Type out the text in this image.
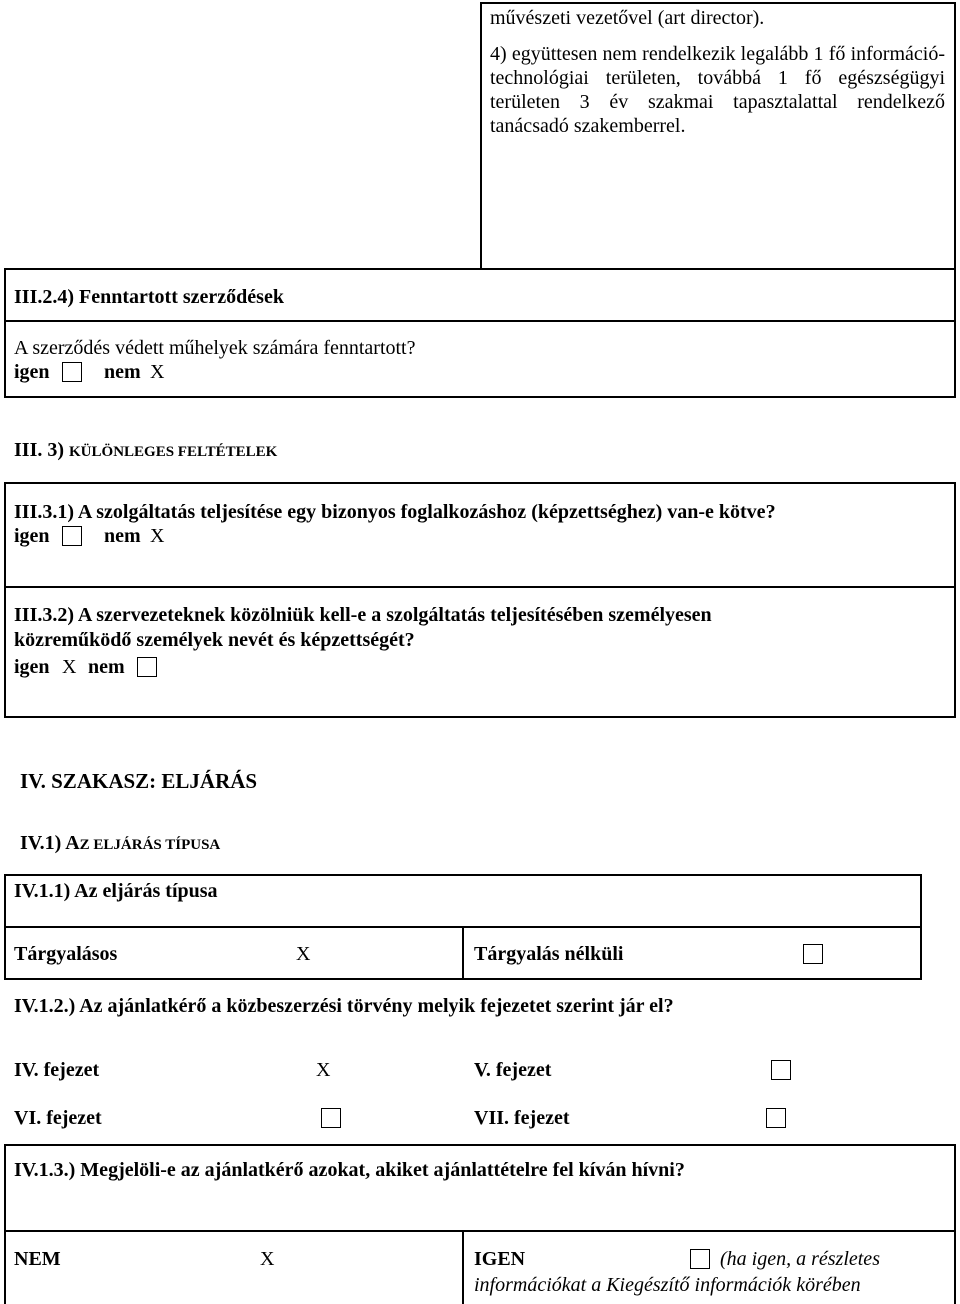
művészeti vezetővel (art director).
4) együttesen nem rendelkezik legalább 1 fő információ-technológiai területen, továbbá 1 fő egészségügyi területen 3 év szakmai tapasztalattal rendelkező tanácsadó szakemberrel.
III.2.4) Fenntartott szerződések
A szerződés védett műhelyek számára fenntartott?
igen	nem X
III. 3) KÜLÖNLEGES FELTÉTELEK
III.3.1) A szolgáltatás teljesítése egy bizonyos foglalkozáshoz (képzettséghez) van-e kötve?
igen	nem X
III.3.2) A szervezeteknek közölniük kell-e a szolgáltatás teljesítésében személyesen
közreműködő személyek nevét és képzettségét?
igen X nem
IV. SZAKASZ: ELJÁRÁS
IV.1) AZ ELJÁRÁS TÍPUSA
IV.1.1) Az eljárás típusa
Tárgyalásos	X	Tárgyalás nélküli
IV.1.2.) Az ajánlatkérő a közbeszerzési törvény melyik fejezetet szerint jár el?
IV. fejezet	X	V. fejezet
VI. fejezet	VII. fejezet
IV.1.3.) Megjelöli-e az ajánlatkérő azokat, akiket ajánlattételre fel kíván hívni?
NEM	X	IGEN	(ha igen, a részletes
információkat a Kiegészítő információk körében
